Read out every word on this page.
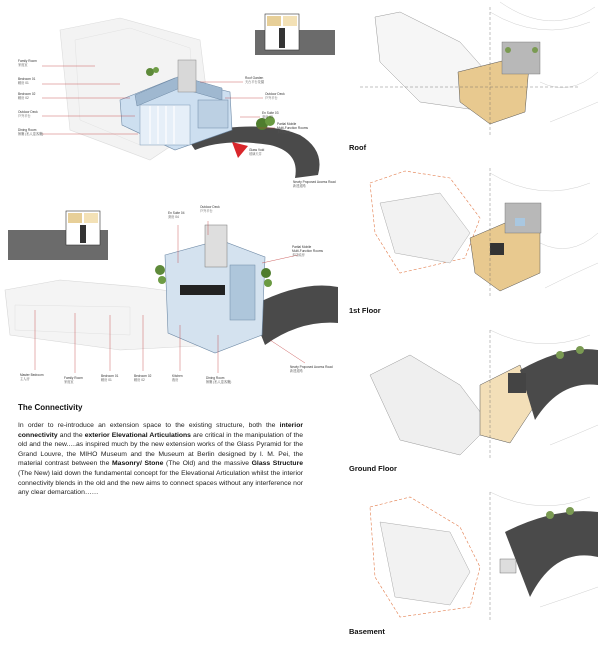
Family Room
家庭室
Bedroom 01
睡房 01
Bedroom 02
睡房 02
Outdoor Deck
戶外平台
Dining Room
飯廳 (私人宴客廳)
Roof Garden
天台平台花園
Outdoor Deck
戶外平台
En Suite 03
套房 03
Partial Mobile
Multi-Function Rooms
多功能房
Glass Void
玻璃天井
Newly Proposed Access Road
新建道路
En Suite 04
套房 04
Outdoor Deck
戶外平台
Partial Mobile
Multi-Function Rooms
多功能房
Master Bedroom
主人房	Family Room
家庭室
Bedroom 01
睡房 01
Bedroom 02
睡房 02
Kitchen
廚房	Dining Room
飯廳 (私人宴客廳)
Newly Proposed Access Road
新建道路
The Connectivity
In order to re-introduce an extension space to the existing structure, both the interior connectivity and the exterior Elevational Articulations are critical in the manipulation of the old and the new.....as inspired much by the new extension works of the Glass Pyramid for the Grand Louvre, the MIHO Museum and the Museum at Berlin designed by I. M. Pei, the material contrast between the Masonry/ Stone (The Old) and the massive Glass Structure (The New) laid down the fundamental concept for the Elevational Articulation whilst the interior connectivity blends in the old and the new aims to connect spaces without any interference nor any clear demarcation……
Roof
1st Floor
Ground Floor
Basement
